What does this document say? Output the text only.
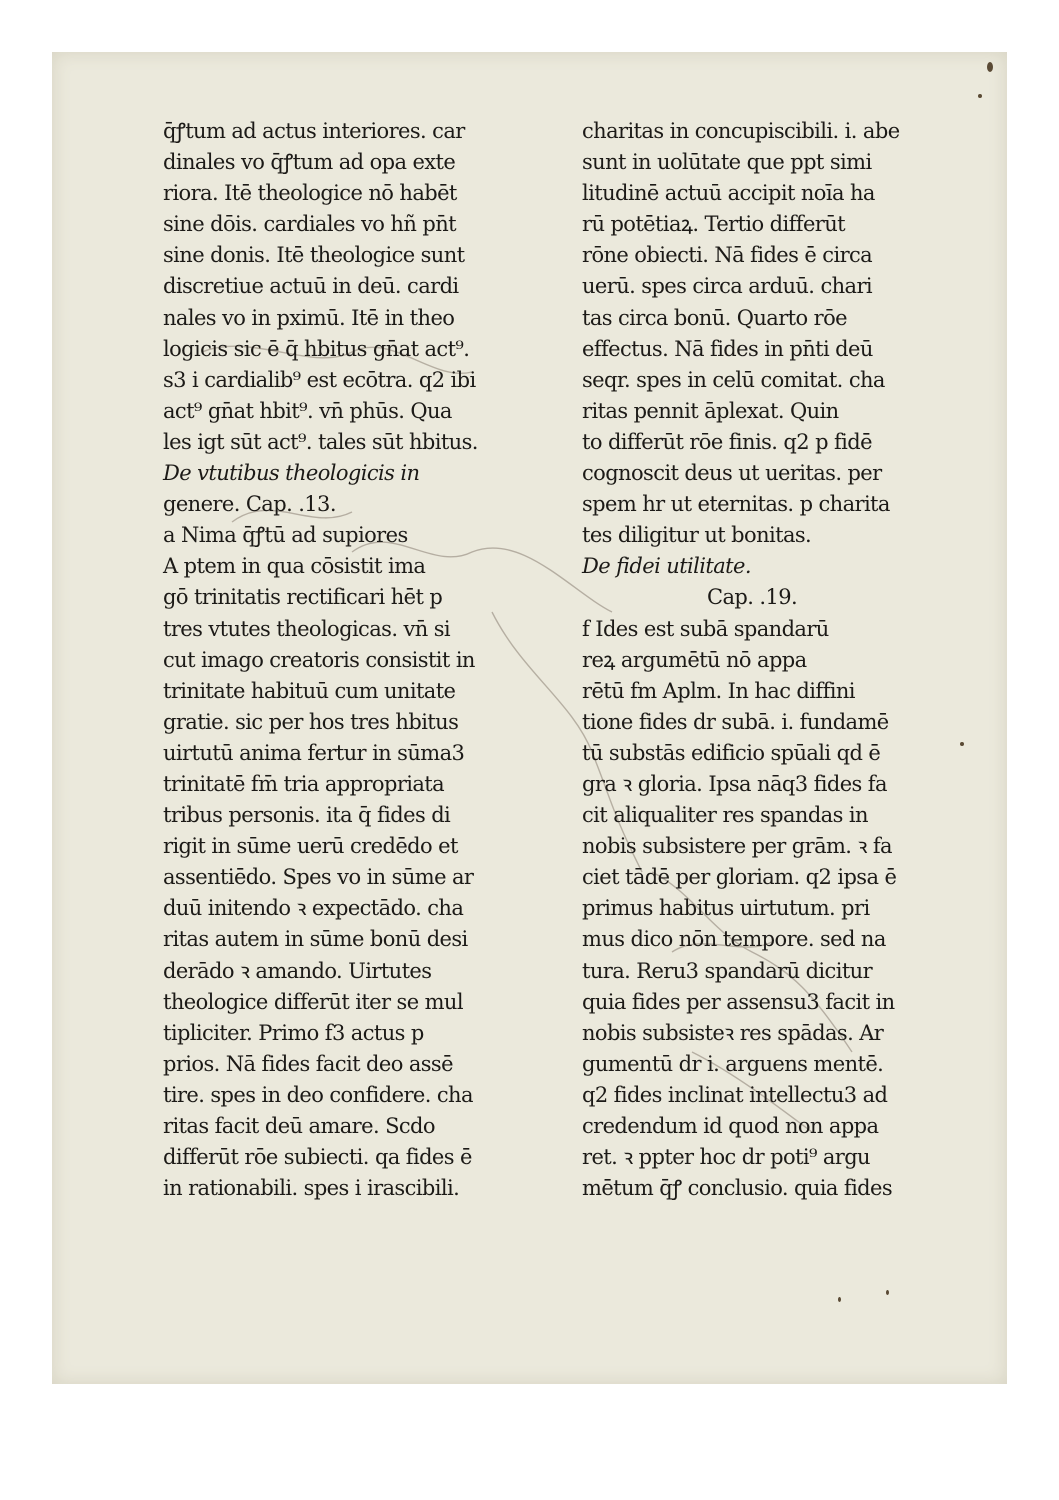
q̄ꝭtum ad actus interiores. car
dinales vo q̄ꝭtum ad opa exte
riora. Itē theologice nō habēt
sine dōis. cardiales vo hñ pn̄t
sine donis. Itē theologice sunt
discretiue actuū in deū. cardi
nales vo in pximū. Itē in theo
logicis sic ē q̄ hbitus gn̄at act⁹.
s3 i cardialib⁹ est ecōtra. q2 ibi
act⁹ gn̄at hbit⁹. vn̄ phūs. Qua
les igt sūt act⁹. tales sūt hbitus.
De vtutibus theologicis in
genere. Cap. .13.
a Nima q̄ꝭtū ad supiores
A ptem in qua cōsistit ima
gō trinitatis rectificari hēt p
tres vtutes theologicas. vn̄ si
cut imago creatoris consistit in
trinitate habituū cum unitate
gratie. sic per hos tres hbitus
uirtutū anima fertur in sūma3
trinitatē fm̄ tria appropriata
tribus personis. ita q̄ fides di
rigit in sūme uerū credēdo et
assentiēdo. Spes vo in sūme ar
duū initendo ꝛ expectādo. cha
ritas autem in sūme bonū desi
derādo ꝛ amando. Uirtutes
theologice differūt iter se mul
tipliciter. Primo f3 actus p
prios. Nā fides facit deo assē
tire. spes in deo confidere. cha
ritas facit deū amare. Scdo
differūt rōe subiecti. qa fides ē
in rationabili. spes i irascibili.
charitas in concupiscibili. i. abe
sunt in uolūtate que ppt simi
litudinē actuū accipit noīa ha
rū potētiaꝝ. Tertio differūt
rōne obiecti. Nā fides ē circa
uerū. spes circa arduū. chari
tas circa bonū. Quarto rōe
effectus. Nā fides in pn̄ti deū
seqr. spes in celū comitat. cha
ritas pennit āplexat. Quin
to differūt rōe finis. q2 p fidē
cognoscit deus ut ueritas. per
spem hr ut eternitas. p charita
tes diligitur ut bonitas.
De fidei utilitate.
Cap. .19.
f Ides est subā spandarū
reꝝ argumētū nō appa
rētū fm Aplm. In hac diffini
tione fides dr subā. i. fundamē
tū substās edificio spūali qd ē
gra ꝛ gloria. Ipsa nāq3 fides fa
cit aliqualiter res spandas in
nobis subsistere per grām. ꝛ fa
ciet tādē per gloriam. q2 ipsa ē
primus habitus uirtutum. pri
mus dico nōn tempore. sed na
tura. Reru3 spandarū dicitur
quia fides per assensu3 facit in
nobis subsisteꝛ res spādas. Ar
gumentū dr i. arguens mentē.
q2 fides inclinat intellectu3 ad
credendum id quod non appa
ret. ꝛ ppter hoc dr poti⁹ argu
mētum q̄ꝭ conclusio. quia fides
